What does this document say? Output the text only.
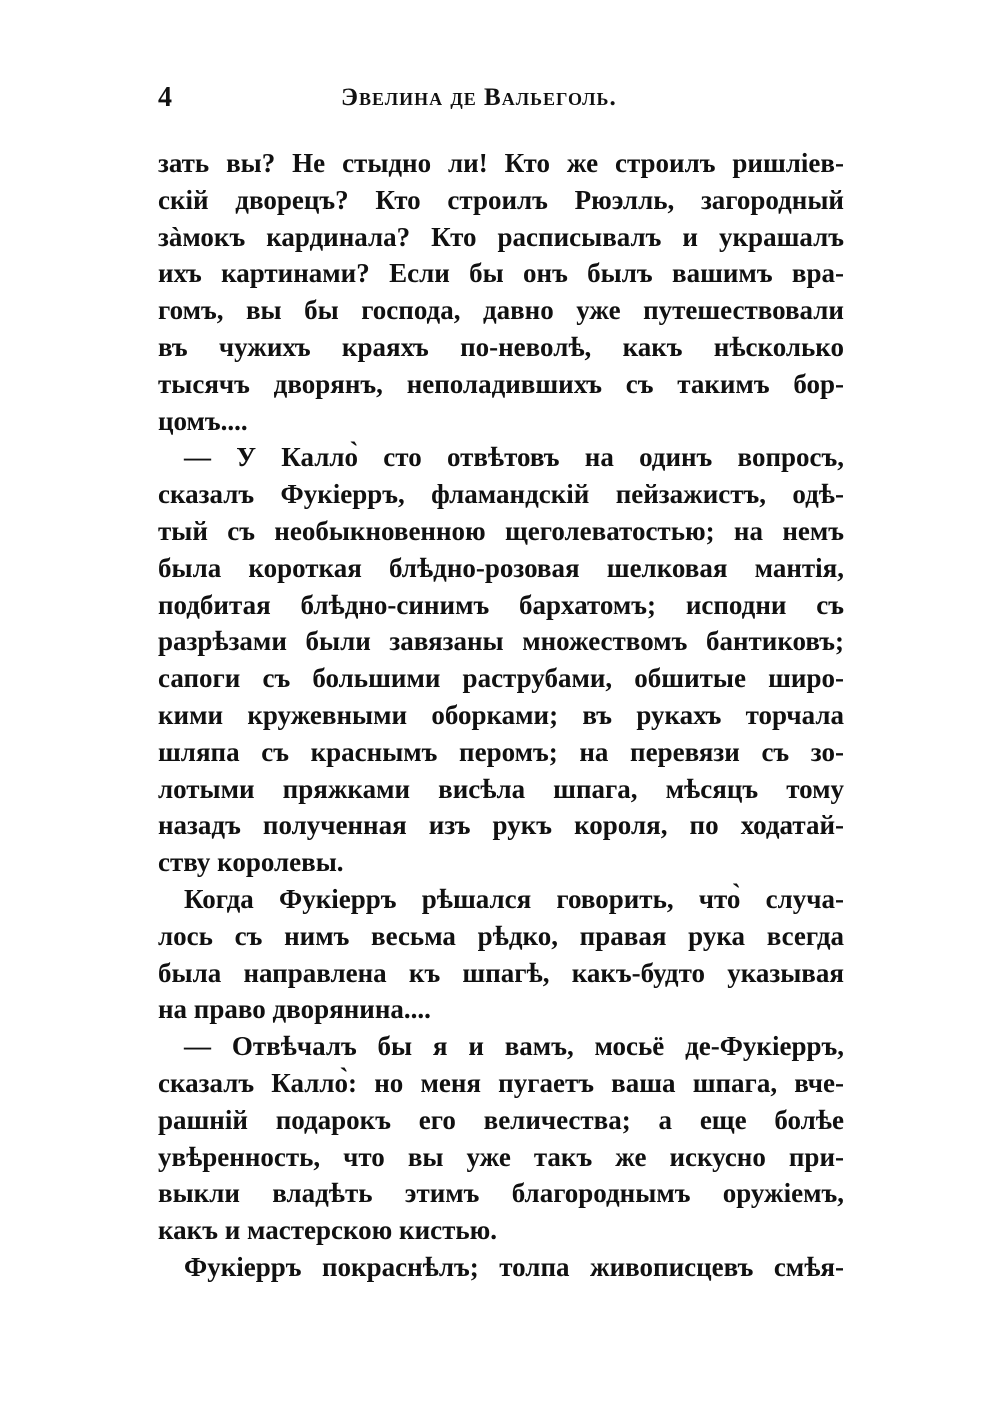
4	Эвелина де Вальеголь.
зать вы? Не стыдно ли! Кто же строилъ ришліев-
скій дворецъ? Кто строилъ Рюэлль, загородный
зàмокъ кардинала? Кто расписывалъ и украшалъ
ихъ картинами? Если бы онъ былъ вашимъ вра-
гомъ, вы бы господа, давно уже путешествовали
въ чужихъ краяхъ по-неволѣ, какъ нѣсколько
тысячъ дворянъ, неполадившихъ съ такимъ бор-
цомъ....
— У Калло̀ сто отвѣтовъ на одинъ вопросъ,
сказалъ Фукіерръ, фламандскій пейзажистъ, одѣ-
тый съ необыкновенною щеголеватостью; на немъ
была короткая блѣдно-розовая шелковая мантія,
подбитая блѣдно-синимъ бархатомъ; исподни съ
разрѣзами были завязаны множествомъ бантиковъ;
сапоги съ большими раструбами, обшитые широ-
кими кружевными оборками; въ рукахъ торчала
шляпа съ краснымъ перомъ; на перевязи съ зо-
лотыми пряжками висѣла шпага, мѣсяцъ тому
назадъ полученная изъ рукъ короля, по ходатай-
ству королевы.
Когда Фукіерръ рѣшался говорить, что̀ случа-
лось съ нимъ весьма рѣдко, правая рука всегда
была направлена къ шпагѣ, какъ-будто указывая
на право дворянина....
— Отвѣчалъ бы я и вамъ, мосьё де-Фукіерръ,
сказалъ Калло̀: но меня пугаетъ ваша шпага, вче-
рашній подарокъ его величества; а еще болѣе
увѣренность, что вы уже такъ же искусно при-
выкли владѣть этимъ благороднымъ оружіемъ,
какъ и мастерскою кистью.
Фукіерръ покраснѣлъ; толпа живописцевъ смѣя-
